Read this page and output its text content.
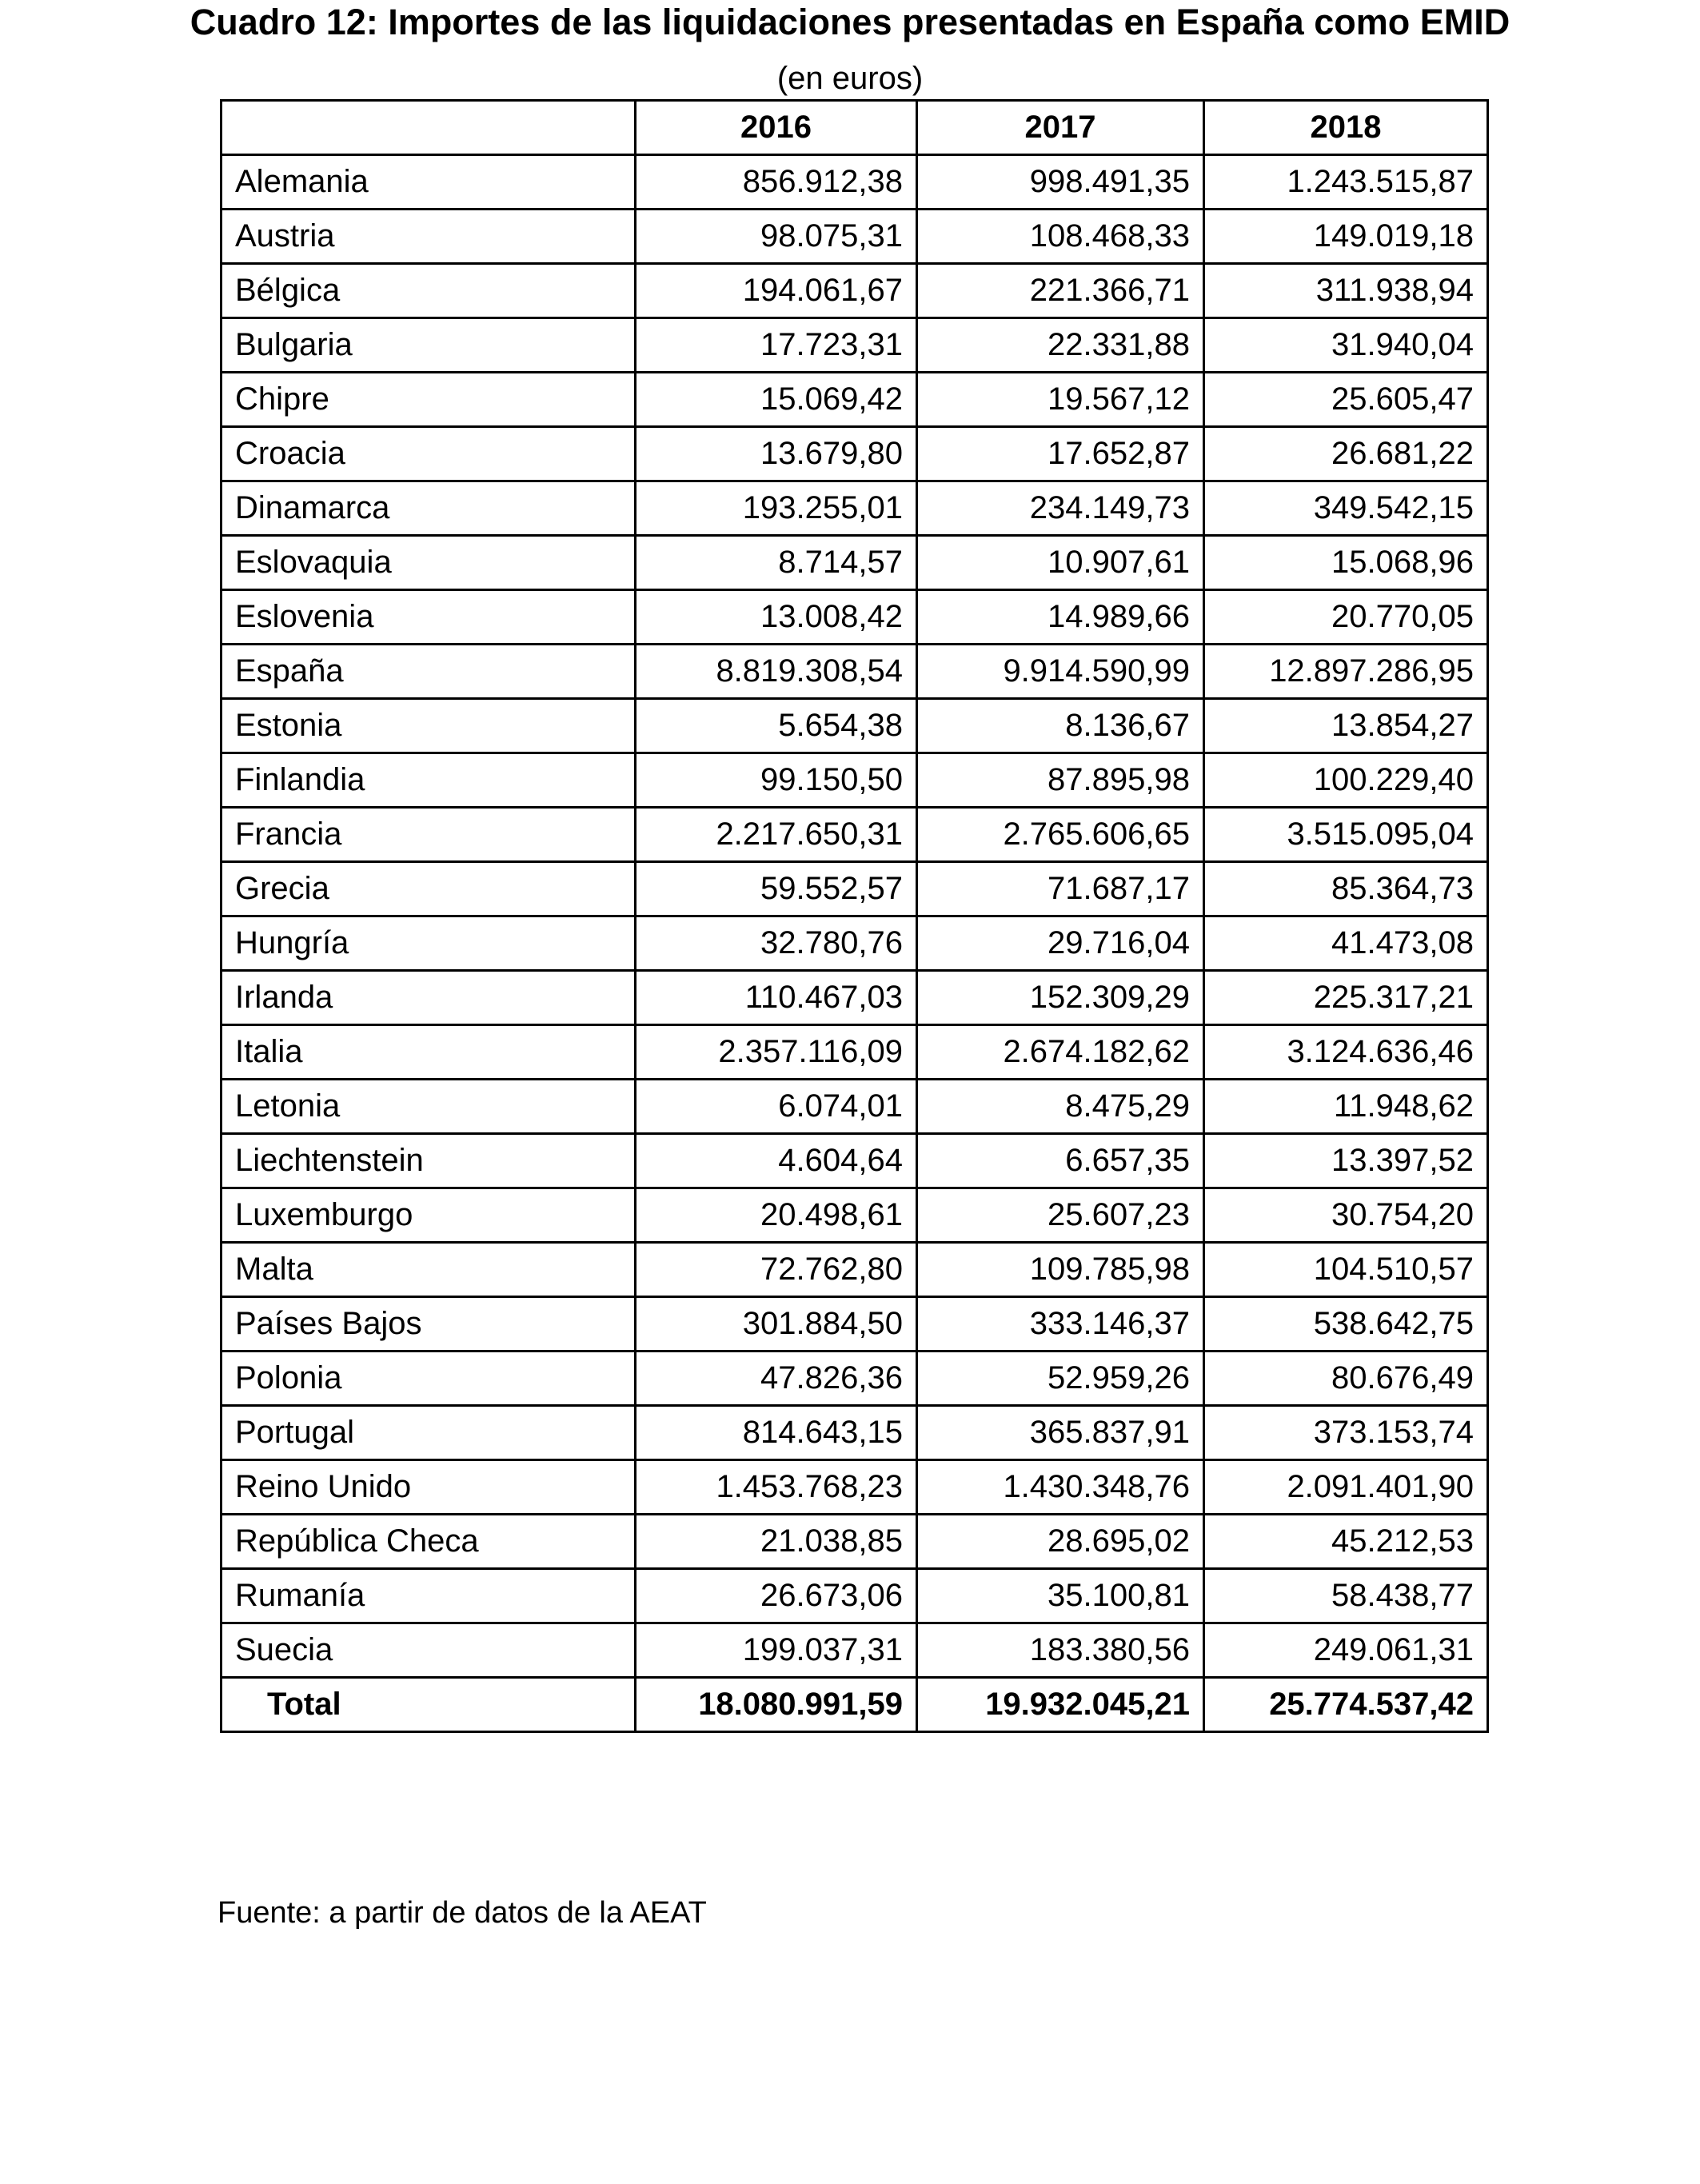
Cuadro 12: Importes de las liquidaciones presentadas en España como EMID
(en euros)
	2016	2017	2018
Alemania	856.912,38	998.491,35	1.243.515,87
Austria	98.075,31	108.468,33	149.019,18
Bélgica	194.061,67	221.366,71	311.938,94
Bulgaria	17.723,31	22.331,88	31.940,04
Chipre	15.069,42	19.567,12	25.605,47
Croacia	13.679,80	17.652,87	26.681,22
Dinamarca	193.255,01	234.149,73	349.542,15
Eslovaquia	8.714,57	10.907,61	15.068,96
Eslovenia	13.008,42	14.989,66	20.770,05
España	8.819.308,54	9.914.590,99	12.897.286,95
Estonia	5.654,38	8.136,67	13.854,27
Finlandia	99.150,50	87.895,98	100.229,40
Francia	2.217.650,31	2.765.606,65	3.515.095,04
Grecia	59.552,57	71.687,17	85.364,73
Hungría	32.780,76	29.716,04	41.473,08
Irlanda	110.467,03	152.309,29	225.317,21
Italia	2.357.116,09	2.674.182,62	3.124.636,46
Letonia	6.074,01	8.475,29	11.948,62
Liechtenstein	4.604,64	6.657,35	13.397,52
Luxemburgo	20.498,61	25.607,23	30.754,20
Malta	72.762,80	109.785,98	104.510,57
Países Bajos	301.884,50	333.146,37	538.642,75
Polonia	47.826,36	52.959,26	80.676,49
Portugal	814.643,15	365.837,91	373.153,74
Reino Unido	1.453.768,23	1.430.348,76	2.091.401,90
República Checa	21.038,85	28.695,02	45.212,53
Rumanía	26.673,06	35.100,81	58.438,77
Suecia	199.037,31	183.380,56	249.061,31
Total	18.080.991,59	19.932.045,21	25.774.537,42
Fuente: a partir de datos de la AEAT
